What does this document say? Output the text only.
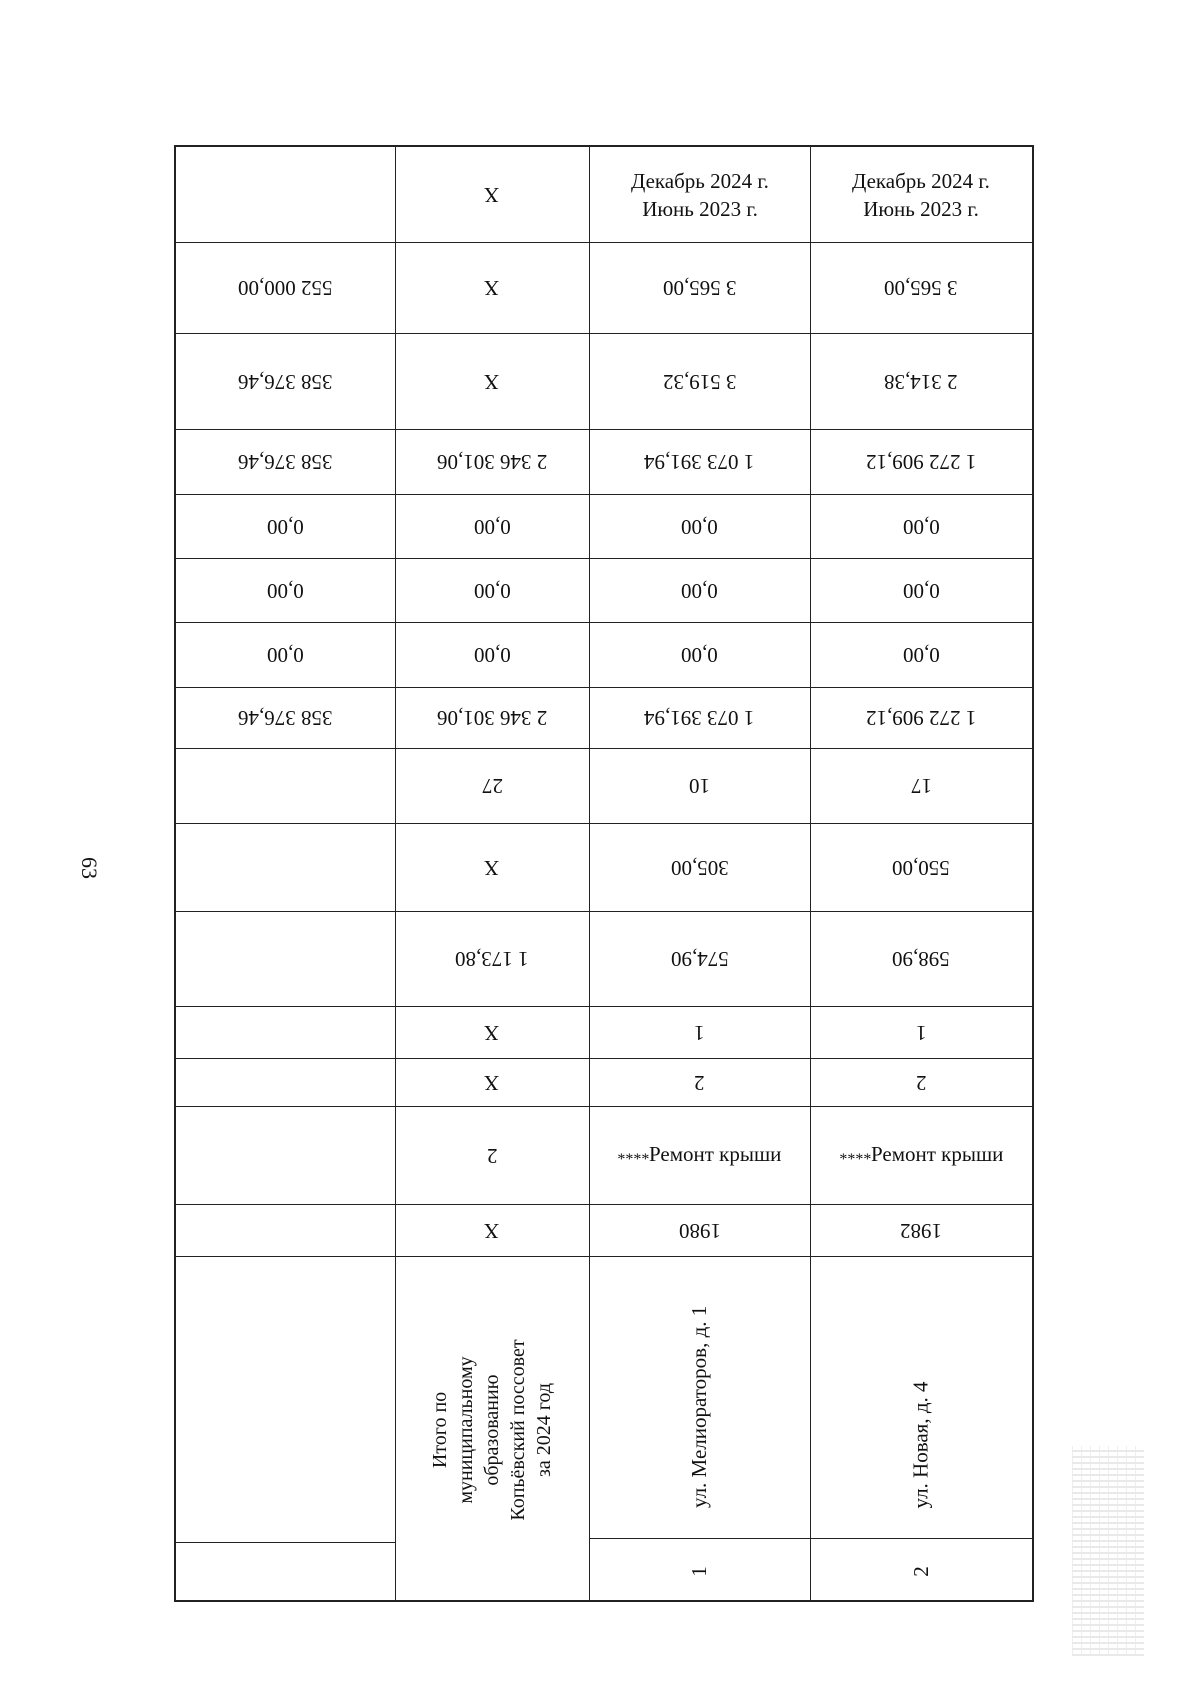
63
552 000,00
358 376,46
358 376,46
0,00
0,00
0,00
358 376,46
X
X
X
2 346 301,06
0,00
0,00
0,00
2 346 301,06
27
X
1 173,80
X
X
2
X
Итого по муниципальному образованию Копьёвский поссовет за 2024 год
Июнь 2023 г.
Декабрь 2024 г.
3 565,00
3 519,32
1 073 391,94
0,00
0,00
0,00
1 073 391,94
10
305,00
574,90
1
2
Ремонт крыши****
1980
ул. Мелиораторов, д. 1
1
Июнь 2023 г.
Декабрь 2024 г.
3 565,00
2 314,38
1 272 909,12
0,00
0,00
0,00
1 272 909,12
17
550,00
598,90
1
2
Ремонт крыши****
1982
ул. Новая, д. 4
2
